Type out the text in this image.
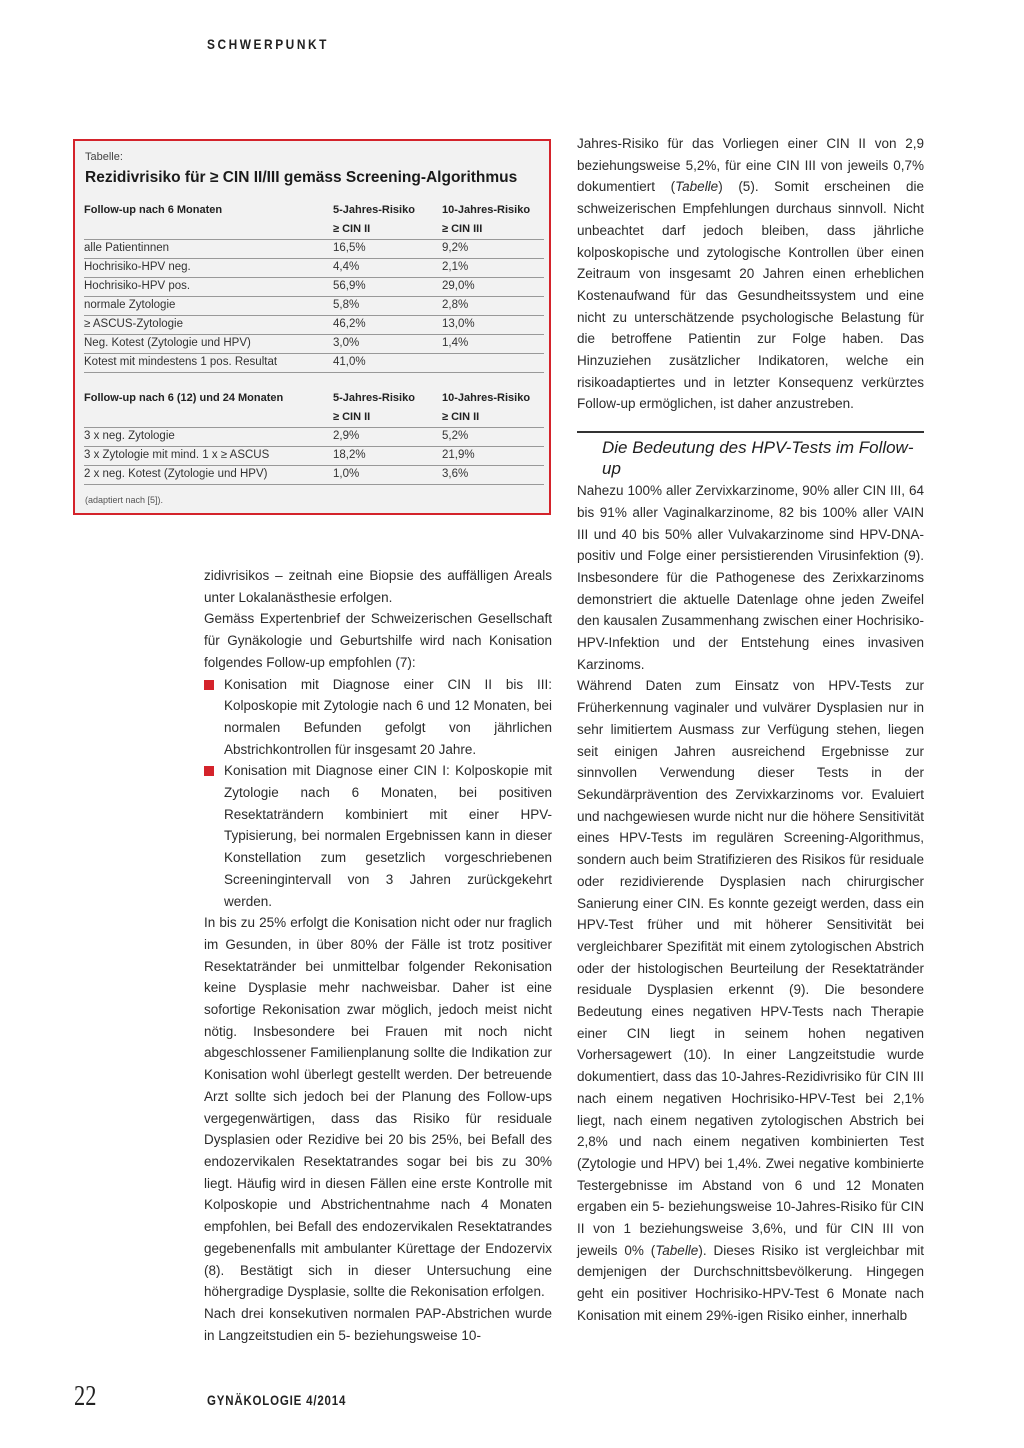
SCHWERPUNKT
Tabelle:
Rezidivrisiko für ≥ CIN II/III gemäss Screening-Algorithmus
Follow-up nach 6 Monaten	5-Jahres-Risiko 10-Jahres-Risiko
≥ CIN II	≥ CIN III
alle Patientinnen	16,5%	9,2%
Hochrisiko-HPV neg.	4,4%	2,1%
Hochrisiko-HPV pos.	56,9%	29,0%
normale Zytologie	5,8%	2,8%
≥ ASCUS-Zytologie	46,2%	13,0%
Neg. Kotest (Zytologie und HPV)	3,0%	1,4%
Kotest mit mindestens 1 pos. Resultat	41,0%
Follow-up nach 6 (12) und 24 Monaten	5-Jahres-Risiko 10-Jahres-Risiko
≥ CIN II	≥ CIN II
3 x neg. Zytologie	2,9%	5,2%
3 x Zytologie mit mind. 1 x ≥ ASCUS	18,2%	21,9%
2 x neg. Kotest (Zytologie und HPV)	1,0%	3,6%
(adaptiert nach [5]).

zidivrisikos – zeitnah eine Biopsie des auffälligen Areals unter Lokalanästhesie erfolgen.

Gemäss Expertenbrief der Schweizerischen Gesellschaft für Gynäkologie und Geburtshilfe wird nach Konisation folgendes Follow-up empfohlen (7):

Konisation mit Diagnose einer CIN II bis III: Kolposkopie mit Zytologie nach 6 und 12 Monaten, bei normalen Befunden gefolgt von jährlichen Abstrichkontrollen für insgesamt 20 Jahre.
Konisation mit Diagnose einer CIN I: Kolposkopie mit Zytologie nach 6 Monaten, bei positiven Resektaträndern kombiniert mit einer HPV-Typisierung, bei normalen Ergebnissen kann in dieser Konstellation zum gesetzlich vorgeschriebenen Screeningintervall von 3 Jahren zurückgekehrt werden.

In bis zu 25% erfolgt die Konisation nicht oder nur fraglich im Gesunden, in über 80% der Fälle ist trotz positiver Resektatränder bei unmittelbar folgender Rekonisation keine Dysplasie mehr nachweisbar. Daher ist eine sofortige Rekonisation zwar möglich, jedoch meist nicht nötig. Insbesondere bei Frauen mit noch nicht abgeschlossener Familienplanung sollte die Indikation zur Konisation wohl überlegt gestellt werden. Der betreuende Arzt sollte sich jedoch bei der Planung des Follow-ups vergegenwärtigen, dass das Risiko für residuale Dysplasien oder Rezidive bei 20 bis 25%, bei Befall des endozervikalen Resektatrandes sogar bei bis zu 30% liegt. Häufig wird in diesen Fällen eine erste Kontrolle mit Kolposkopie und Abstrichentnahme nach 4 Monaten empfohlen, bei Befall des endozervikalen Resektatrandes gegebenenfalls mit ambulanter Kürettage der Endozervix (8). Bestätigt sich in dieser Untersuchung eine höhergradige Dysplasie, sollte die Rekonisation erfolgen.

Nach drei konsekutiven normalen PAP-Abstrichen wurde in Langzeitstudien ein 5- beziehungsweise 10-

Jahres-Risiko für das Vorliegen einer CIN II von 2,9 beziehungsweise 5,2%, für eine CIN III von jeweils 0,7% dokumentiert (Tabelle) (5). Somit erscheinen die schweizerischen Empfehlungen durchaus sinnvoll. Nicht unbeachtet darf jedoch bleiben, dass jährliche kolposkopische und zytologische Kontrollen über einen Zeitraum von insgesamt 20 Jahren einen erheblichen Kostenaufwand für das Gesundheitssystem und eine nicht zu unterschätzende psychologische Belastung für die betroffene Patientin zur Folge haben. Das Hinzuziehen zusätzlicher Indikatoren, welche ein risikoadaptiertes und in letzter Konsequenz verkürztes Follow-up ermöglichen, ist daher anzustreben.

Die Bedeutung des HPV-Tests im Follow-up

Nahezu 100% aller Zervixkarzinome, 90% aller CIN III, 64 bis 91% aller Vaginalkarzinome, 82 bis 100% aller VAIN III und 40 bis 50% aller Vulvakarzinome sind HPV-DNA-positiv und Folge einer persistierenden Virusinfektion (9). Insbesondere für die Pathogenese des Zerixkarzinoms demonstriert die aktuelle Datenlage ohne jeden Zweifel den kausalen Zusammenhang zwischen einer Hochrisiko-HPV-Infektion und der Entstehung eines invasiven Karzinoms.

Während Daten zum Einsatz von HPV-Tests zur Früherkennung vaginaler und vulvärer Dysplasien nur in sehr limitiertem Ausmass zur Verfügung stehen, liegen seit einigen Jahren ausreichend Ergebnisse zur sinnvollen Verwendung dieser Tests in der Sekundärprävention des Zervixkarzinoms vor. Evaluiert und nachgewiesen wurde nicht nur die höhere Sensitivität eines HPV-Tests im regulären Screening-Algorithmus, sondern auch beim Stratifizieren des Risikos für residuale oder rezidivierende Dysplasien nach chirurgischer Sanierung einer CIN. Es konnte gezeigt werden, dass ein HPV-Test früher und mit höherer Sensitivität bei vergleichbarer Spezifität mit einem zytologischen Abstrich oder der histologischen Beurteilung der Resektatränder residuale Dysplasien erkennt (9). Die besondere Bedeutung eines negativen HPV-Tests nach Therapie einer CIN liegt in seinem hohen negativen Vorhersagewert (10). In einer Langzeitstudie wurde dokumentiert, dass das 10-Jahres-Rezidivrisiko für CIN III nach einem negativen Hochrisiko-HPV-Test bei 2,1% liegt, nach einem negativen zytologischen Abstrich bei 2,8% und nach einem negativen kombinierten Test (Zytologie und HPV) bei 1,4%. Zwei negative kombinierte Testergebnisse im Abstand von 6 und 12 Monaten ergaben ein 5- beziehungsweise 10-Jahres-Risiko für CIN II von 1 beziehungsweise 3,6%, und für CIN III von jeweils 0% (Tabelle). Dieses Risiko ist vergleichbar mit demjenigen der Durchschnittsbevölkerung. Hingegen geht ein positiver Hochrisiko-HPV-Test 6 Monate nach Konisation mit einem 29%-igen Risiko einher, innerhalb

22	GYNÄKOLOGIE 4/2014
